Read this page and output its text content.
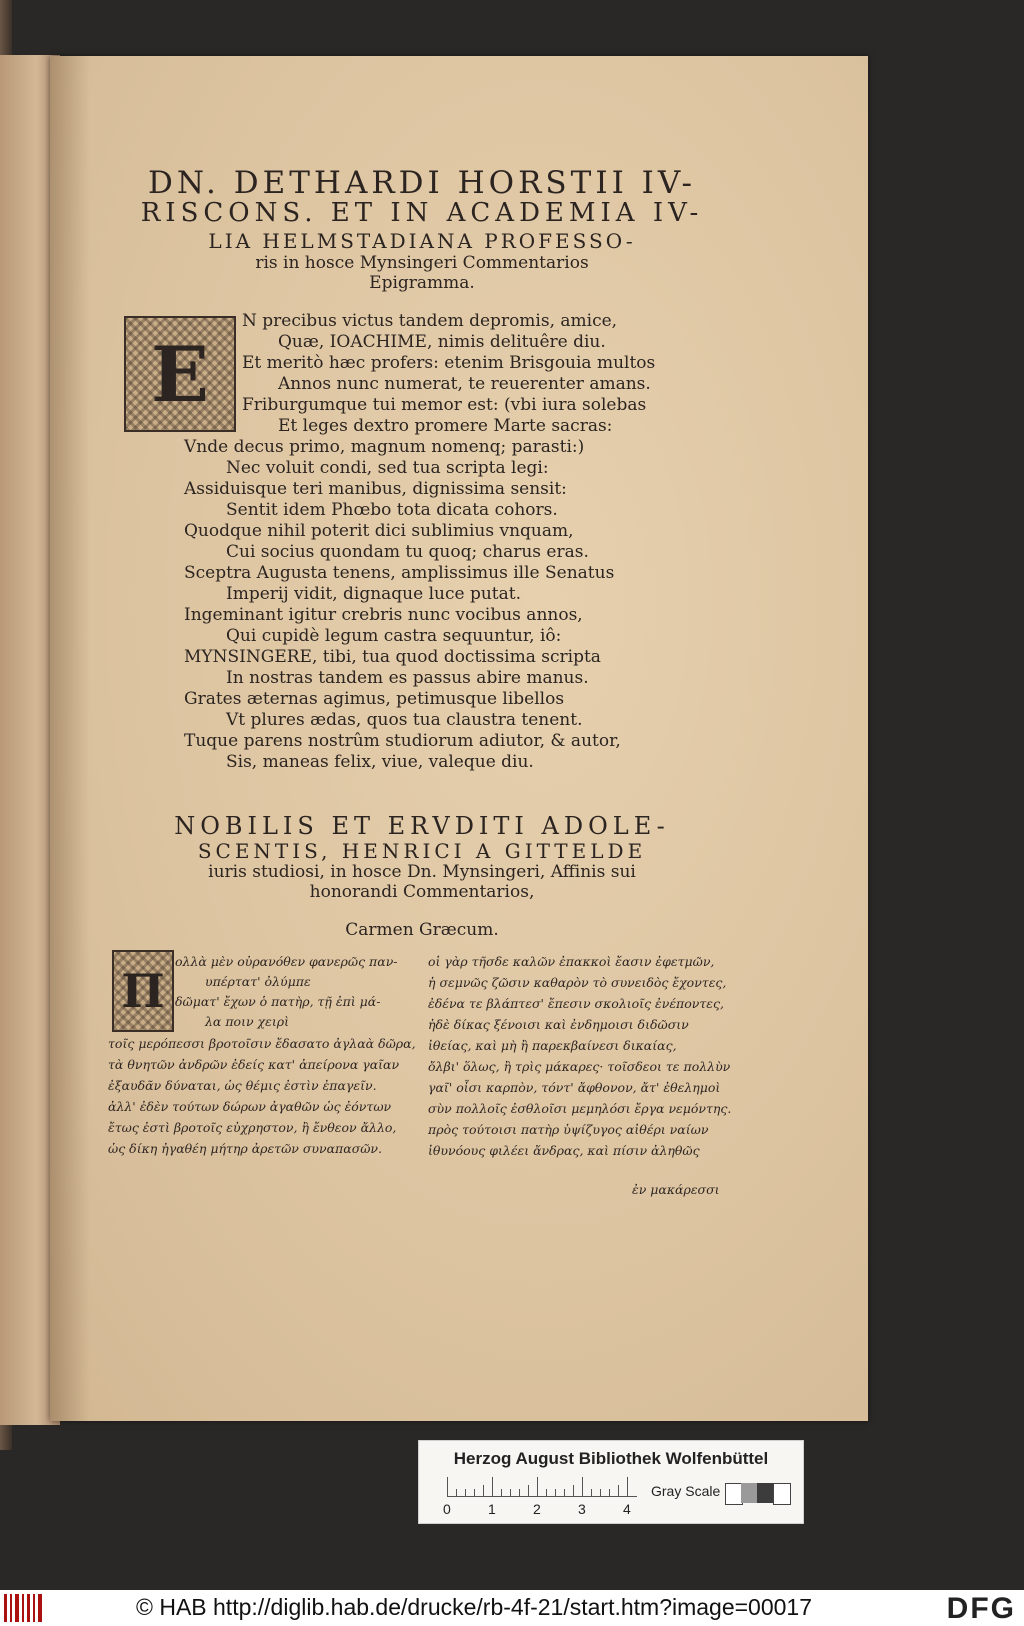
DN. DETHARDI HORSTII IV-
RISCONS. ET IN ACADEMIA IV-
LIA HELMSTADIANA PROFESSO-
ris in hosce Mynsingeri Commentarios
Epigramma.
E
N precibus victus tandem depromis, amice,
Quæ, IOACHIME, nimis delituêre diu.
Et meritò hæc profers: etenim Brisgouia multos
Annos nunc numerat, te reuerenter amans.
Friburgumque tui memor est: (vbi iura solebas
Et leges dextro promere Marte sacras:
Vnde decus primo, magnum nomenq; parasti:)
Nec voluit condi, sed tua scripta legi:
Assiduisque teri manibus, dignissima sensit:
Sentit idem Phœbo tota dicata cohors.
Quodque nihil poterit dici sublimius vnquam,
Cui socius quondam tu quoq; charus eras.
Sceptra Augusta tenens, amplissimus ille Senatus
Imperij vidit, dignaque luce putat.
Ingeminant igitur crebris nunc vocibus annos,
Qui cupidè legum castra sequuntur, iô:
MYNSINGERE, tibi, tua quod doctissima scripta
In nostras tandem es passus abire manus.
Grates æternas agimus, petimusque libellos
Vt plures ædas, quos tua claustra tenent.
Tuque parens nostrûm studiorum adiutor, & autor,
Sis, maneas felix, viue, valeque diu.
NOBILIS ET ERVDITI ADOLE-
SCENTIS, HENRICI A GITTELDE
iuris studiosi, in hosce Dn. Mynsingeri, Affinis sui
honorandi Commentarios,
Carmen Græcum.
Π
ολλὰ μὲν οὐρανόθεν φανερῶς παν-
υπέρτατ' ὀλύμπε
δῶματ' ἔχων ὁ πατὴρ, τῇ ἐπὶ μά-
λα ποιν χειρὶ
τοῖς μερόπεσσι βροτοῖσιν ἔδασατο ἀγλαὰ δῶρα,
τὰ θνητῶν ἀνδρῶν ἐδείς κατ' ἀπείρονα γαῖαν
ἐξαυδᾶν δύναται, ὡς θέμις ἐστὶν ἐπαγεῖν.
ἀλλ' ἐδὲν τούτων δώρων ἀγαθῶν ὡς ἐόντων
ἔτως ἐστὶ βροτοῖς εὐχρηστον, ἢ ἔνθεον ἄλλο,
ὡς δίκη ἠγαθέη μήτηρ ἀρετῶν συναπασῶν.
οἱ γὰρ τῆσδε καλῶν ἐπακκοὶ ἔασιν ἐφετμῶν,
ἠ σεμνῶς ζῶσιν καθαρὸν τὸ συνειδὸς ἔχοντες,
ἐδένα τε βλάπτεσ' ἔπεσιν σκολιοῖς ἐνέποντες,
ἠδὲ δίκας ξένοισι καὶ ἐνδημοισι διδῶσιν
ἰθείας, καὶ μὴ ἢ παρεκβαίνεσι δικαίας,
ὄλβι' ὅλως, ἢ τρὶς μάκαρες· τοῖσδεοι τε πολλὺν
γαῖ' οἶσι καρπὸν, τόντ' ἄφθονον, ἄτ' ἐθελημοὶ
σὺν πολλοῖς ἐσθλοῖσι μεμηλόσι ἔργα νεμόντης.
πρὸς τούτοισι πατὴρ ὑψίζυγος αἰθέρι ναίων
ἰθυνόους φιλέει ἄνδρας, καὶ πίσιν ἀληθῶς
ἐν μακάρεσσι
Herzog August Bibliothek Wolfenbüttel
0	1	2	3	4
Gray Scale
© HAB http://diglib.hab.de/drucke/rb-4f-21/start.htm?image=00017	DFG
